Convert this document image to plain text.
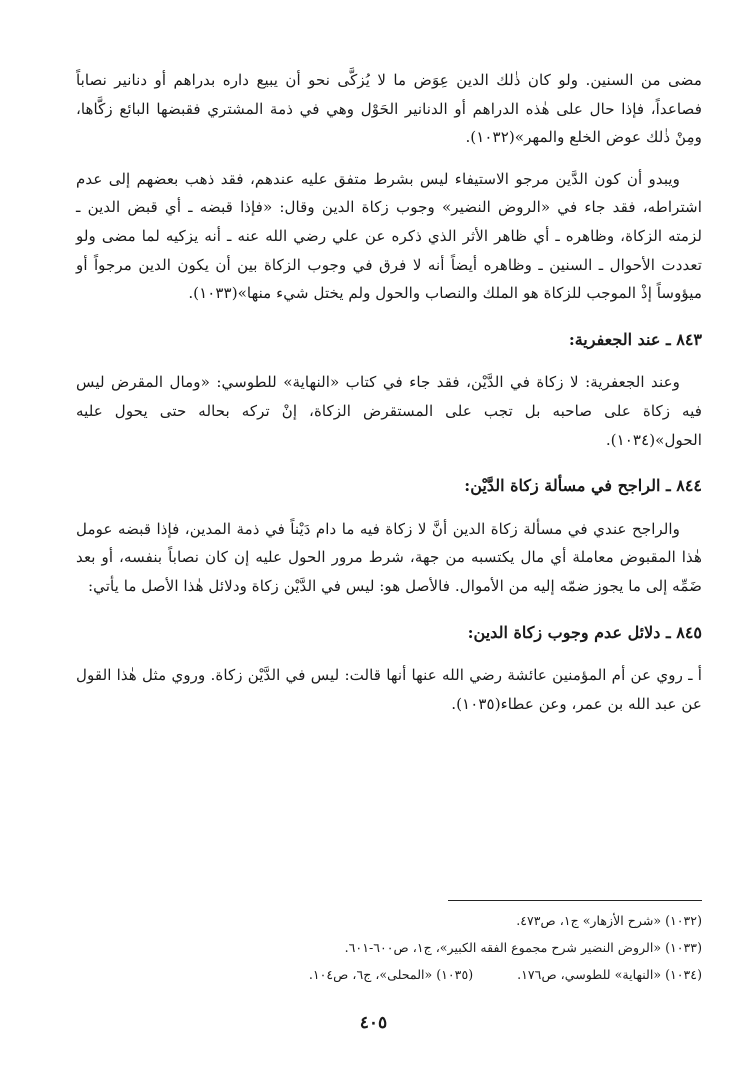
مضى من السنين. ولو كان ذٰلك الدين عِوَض ما لا يُزكَّى نحو أن يبيع داره بدراهم أو دنانير نصاباً فصاعداً، فإذا حال على هٰذه الدراهم أو الدنانير الحَوْل وهي في ذمة المشتري فقبضها البائع زكَّاها، ومِنْ ذٰلك عوض الخلع والمهر»(١٠٣٢).

ويبدو أن كون الدَّين مرجو الاستيفاء ليس بشرط متفق عليه عندهم، فقد ذهب بعضهم إلى عدم اشتراطه، فقد جاء في «الروض النضير» وجوب زكاة الدين وقال: «فإذا قبضه ـ أي قبض الدين ـ لزمته الزكاة، وظاهره ـ أي ظاهر الأثر الذي ذكره عن علي رضي الله عنه ـ أنه يزكيه لما مضى ولو تعددت الأحوال ـ السنين ـ وظاهره أيضاً أنه لا فرق في وجوب الزكاة بين أن يكون الدين مرجواً أو ميؤوساً إذْ الموجب للزكاة هو الملك والنصاب والحول ولم يختل شيء منها»(١٠٣٣).

٨٤٣ ـ عند الجعفرية:

وعند الجعفرية: لا زكاة في الدَّيْن، فقد جاء في كتاب «النهاية» للطوسي: «ومال المقرض ليس فيه زكاة على صاحبه بل تجب على المستقرض الزكاة، إنْ تركه بحاله حتى يحول عليه الحول»(١٠٣٤).

٨٤٤ ـ الراجح في مسألة زكاة الدَّيْن:

والراجح عندي في مسألة زكاة الدين أنَّ لا زكاة فيه ما دام دَيْناً في ذمة المدين، فإذا قبضه عومل هٰذا المقبوض معاملة أي مال يكتسبه من جهة، شرط مرور الحول عليه إن كان نصاباً بنفسه، أو بعد ضَمِّه إلى ما يجوز ضمّه إليه من الأموال. فالأصل هو: ليس في الدَّيْن زكاة ودلائل هٰذا الأصل ما يأتي:

٨٤٥ ـ دلائل عدم وجوب زكاة الدين:

أ ـ روي عن أم المؤمنين عائشة رضي الله عنها أنها قالت: ليس في الدَّيْن زكاة. وروي مثل هٰذا القول عن عبد الله بن عمر، وعن عطاء(١٠٣٥).

(١٠٣٢) «شرح الأزهار» ج١، ص٤٧٣.

(١٠٣٣) «الروض النضير شرح مجموع الفقه الكبير»، ج١، ص٦٠٠-٦٠١.

(١٠٣٤) «النهاية» للطوسي، ص١٧٦.(١٠٣٥) «المحلى»، ج٦، ص١٠٤.

٤٠٥
